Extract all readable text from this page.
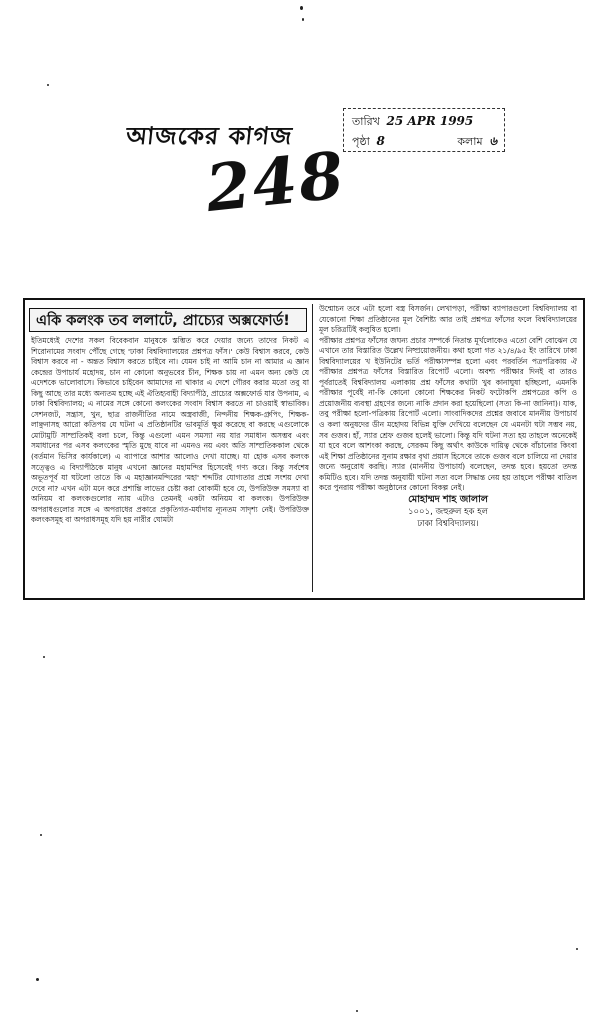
আজকের কাগজ
তারিখ 25 APR 1995
পৃষ্ঠা 8	কলাম ৬
248
একি কলংক তব ললাটে, প্রাচ্যের অক্সফোর্ড!

ইতিমধ্যেই দেশের সকল বিবেকবান মানুষকে স্তম্ভিত করে দেয়ার জন্যে তাদের নিকট এ শিরোনামের সংবাদ পৌঁছে গেছে 'ঢাকা বিশ্ববিদ্যালয়ের প্রশ্নপত্র ফাঁস।' কেউ বিশ্বাস করবে, কেউ বিশ্বাস করবে না - অন্তত বিশ্বাস করতে চাইবে না। যেমন চাই না আমি চান না আমার এ জ্ঞান কেন্দ্রের উপাচার্য মহোদয়, চান না কোনো অনুভবের চীন, শিক্ষক চায় না এমন অন্য কেউ যে এদেশকে ভালোবাসে। কিভাবে চাইবেন আমাদের না থাকার এ দেশে গৌরব করার মতো তবু যা কিছু আছে তার মধ্যে অন্যতম হচ্ছে এই ঐতিহ্যবাহী বিদ্যাপীঠ, প্রাচ্যের অক্সফোর্ড যার উপনাম, এ ঢাকা বিশ্ববিদ্যালয়; এ নামের সঙ্গে কোনো কলংকের সংবাদ বিশ্বাস করতে না চাওয়াই স্বাভাবিক। সেশনজট, সন্ত্রাস, খুন, ছাত্র রাজনীতির নামে অস্ত্রবাজী, নিন্দনীয় শিক্ষক-গ্রুপিং, শিক্ষক-লাঞ্ছনাসহ আরো কতিপয় যে ঘটনা এ প্রতিষ্ঠানটির ভাবমূর্তি ক্ষুণ্ণ করেছে বা করছে এগুলোকে মোটামুটি সাম্প্রতিকই বলা চলে, কিন্তু এগুলো এমন সমস্যা নয় যার সমাধান অসম্ভব এবং সমাধানের পর এসব কলংকের স্মৃতি মুছে যাবে না এমনও নয় এবং অতি সাম্প্রতিককাল থেকে (বর্তমান ভিসির কার্যকালে) এ ব্যাপারে আশার আলোও দেখা যাচ্ছে। যা হোক এসব কলংক সত্ত্বেও এ বিদ্যাপীঠকে মানুষ এখনো জ্ঞানের মহামন্দির হিসেবেই গণ্য করে। কিন্তু সর্বশেষ অভূতপূর্ব যা ঘটলো তাতে কি এ মহাজ্ঞানমন্দিরের 'মহা' শব্দটির যোগ্যতার প্রশ্নে সংশয় দেখা দেবে না? এখন এটা মনে করে প্রশান্তি লাভের চেষ্টা করা বোকামী হবে যে, উপরিউক্ত সমস্যা বা অনিয়ম বা কলংকগুলোর ন্যায় এটাও তেমনই একটা অনিয়ম বা কলংক। উপরিউক্ত অপরাধগুলোর সঙ্গে এ অপরাধের প্রকারে প্রকৃতিগত-মর্যাদায় ন্যূনতম সাদৃশ্য নেই। উপরিউক্ত কলংকসমূহ বা অপরাধসমূহ যদি হয় নারীর ঘোমটা

উন্মোচন তবে এটা হলো বস্ত্র বিসর্জন। লেখাপড়া, পরীক্ষা ব্যাপারগুলো বিশ্ববিদ্যালয় বা যেকোনো শিক্ষা প্রতিষ্ঠানের মূল বৈশিষ্ট্য আর তাই প্রশ্নপত্র ফাঁসের ফলে বিশ্ববিদ্যালয়ের মূল চরিত্রটিই কলুষিত হলো।

পরীক্ষার প্রশ্নপত্র ফাঁসের জঘন্য প্রচার সম্পর্কে নিতান্ত মূর্খলোকেও এতো বেশি বোঝেন যে এখানে তার বিস্তারিত উল্লেখ নিষ্প্রয়োজনীয়। কথা হলো গত ২১/৪/৯৫ ইং তারিখে ঢাকা বিশ্ববিদ্যালয়ের খ ইউনিটের ভর্তি পরীক্ষাসম্পন্ন হলো এবং পরবর্তিন পত্রপত্রিকায় ঐ পরীক্ষার প্রশ্নপত্র ফাঁসের বিস্তারিত রিপোর্ট এলো। অবশ্য পরীক্ষার দিনই বা তারও পূর্বরাতেই বিশ্ববিদ্যালয় এলাকায় প্রশ্ন ফাঁসের কথাটা খুব কানাঘুষা হচ্ছিলো, এমনকি পরীক্ষার পূর্বেই না-কি কোনো কোনো শিক্ষকের নিকট ফটোকপি প্রশ্নপত্রের কপি ও প্রয়োজনীয় ব্যবস্থা গ্রহণের জন্যে নাকি প্রদান করা হয়েছিলো (সত্য কি-না জানিনা)। যাক, তবু পরীক্ষা হলো-পত্রিকায় রিপোর্ট এলো। সাংবাদিকদের প্রশ্নের জবাবে মাননীয় উপাচার্য ও কলা অনুষদের ডীন মহোদয় বিভিন্ন যুক্তি দেখিয়ে বলেছেন যে এমনটা ঘটা সম্ভব নয়, সব গুজব। হাঁ, স্যার শ্রেফ গুজব হলেই ভালো। কিন্তু যদি ঘটনা সত্য হয় তাহলে অনেকেই যা হবে বলে আশংকা করছে, সেরকম কিছু অর্থাৎ কাউকে দায়িত্ব থেকে বাঁচানোর কিংবা এই শিক্ষা প্রতিষ্ঠানের সুনাম রক্ষার বৃথা প্রয়াস হিসেবে তাকে গুজব বলে চালিয়ে না দেয়ার জন্যে অনুরোধ করছি। স্যার (মাননীয় উপাচার্য) বলেছেন, তদন্ত হবে। হয়তো তদন্ত কমিটিও হবে। যদি তদন্ত অনুযায়ী ঘটনা সত্য বলে সিদ্ধান্ত নেয় হয় তাহলে পরীক্ষা বাতিল করে পুনরায় পরীক্ষা অনুষ্ঠানের কোনো বিকল্প নেই।

মোহাম্মদ শাহ জালাল
১০০১, জহুরুল হক হল
ঢাকা বিশ্ববিদ্যালয়।
